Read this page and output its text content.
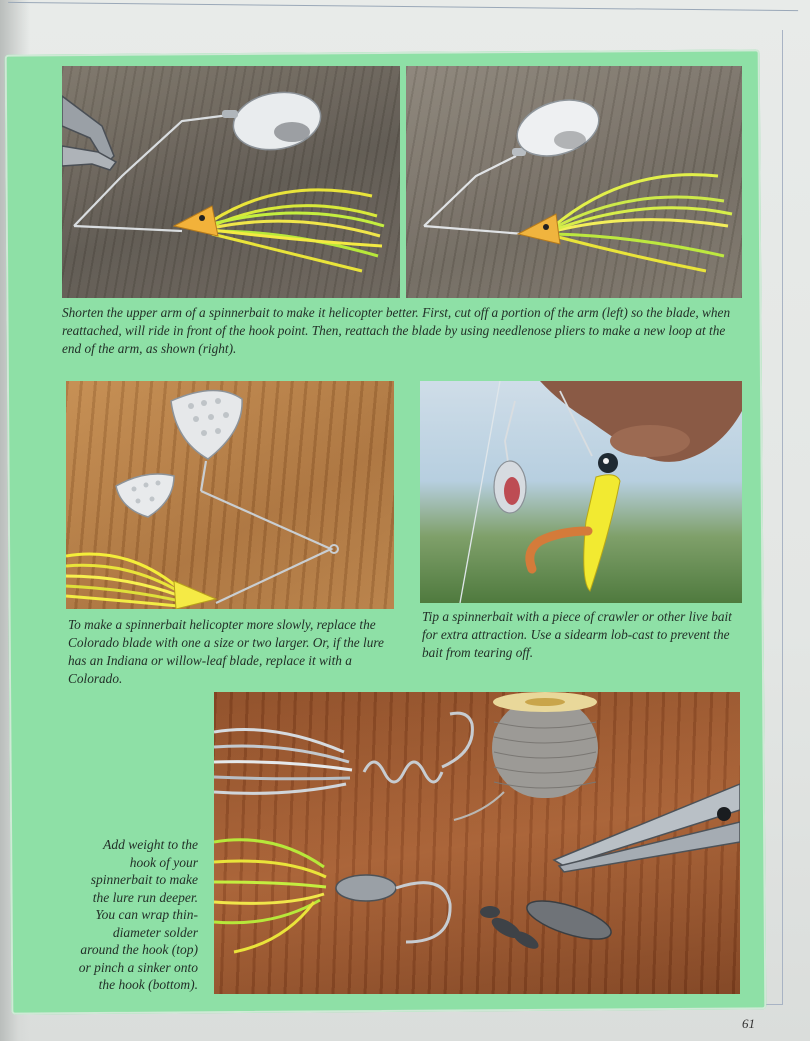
Shorten the upper arm of a spinnerbait to make it helicopter better. First, cut off a portion of the arm (left) so the blade, when reattached, will ride in front of the hook point. Then, reattach the blade by using needlenose pliers to make a new loop at the end of the arm, as shown (right).
To make a spinnerbait helicopter more slowly, replace the Colorado blade with one a size or two larger. Or, if the lure has an Indiana or willow-leaf blade, replace it with a Colorado.
Tip a spinnerbait with a piece of crawler or other live bait for extra attraction. Use a sidearm lob-cast to prevent the bait from tearing off.
Add weight to the hook of your spinnerbait to make the lure run deeper. You can wrap thin-diameter solder around the hook (top) or pinch a sinker onto the hook (bottom).
61
